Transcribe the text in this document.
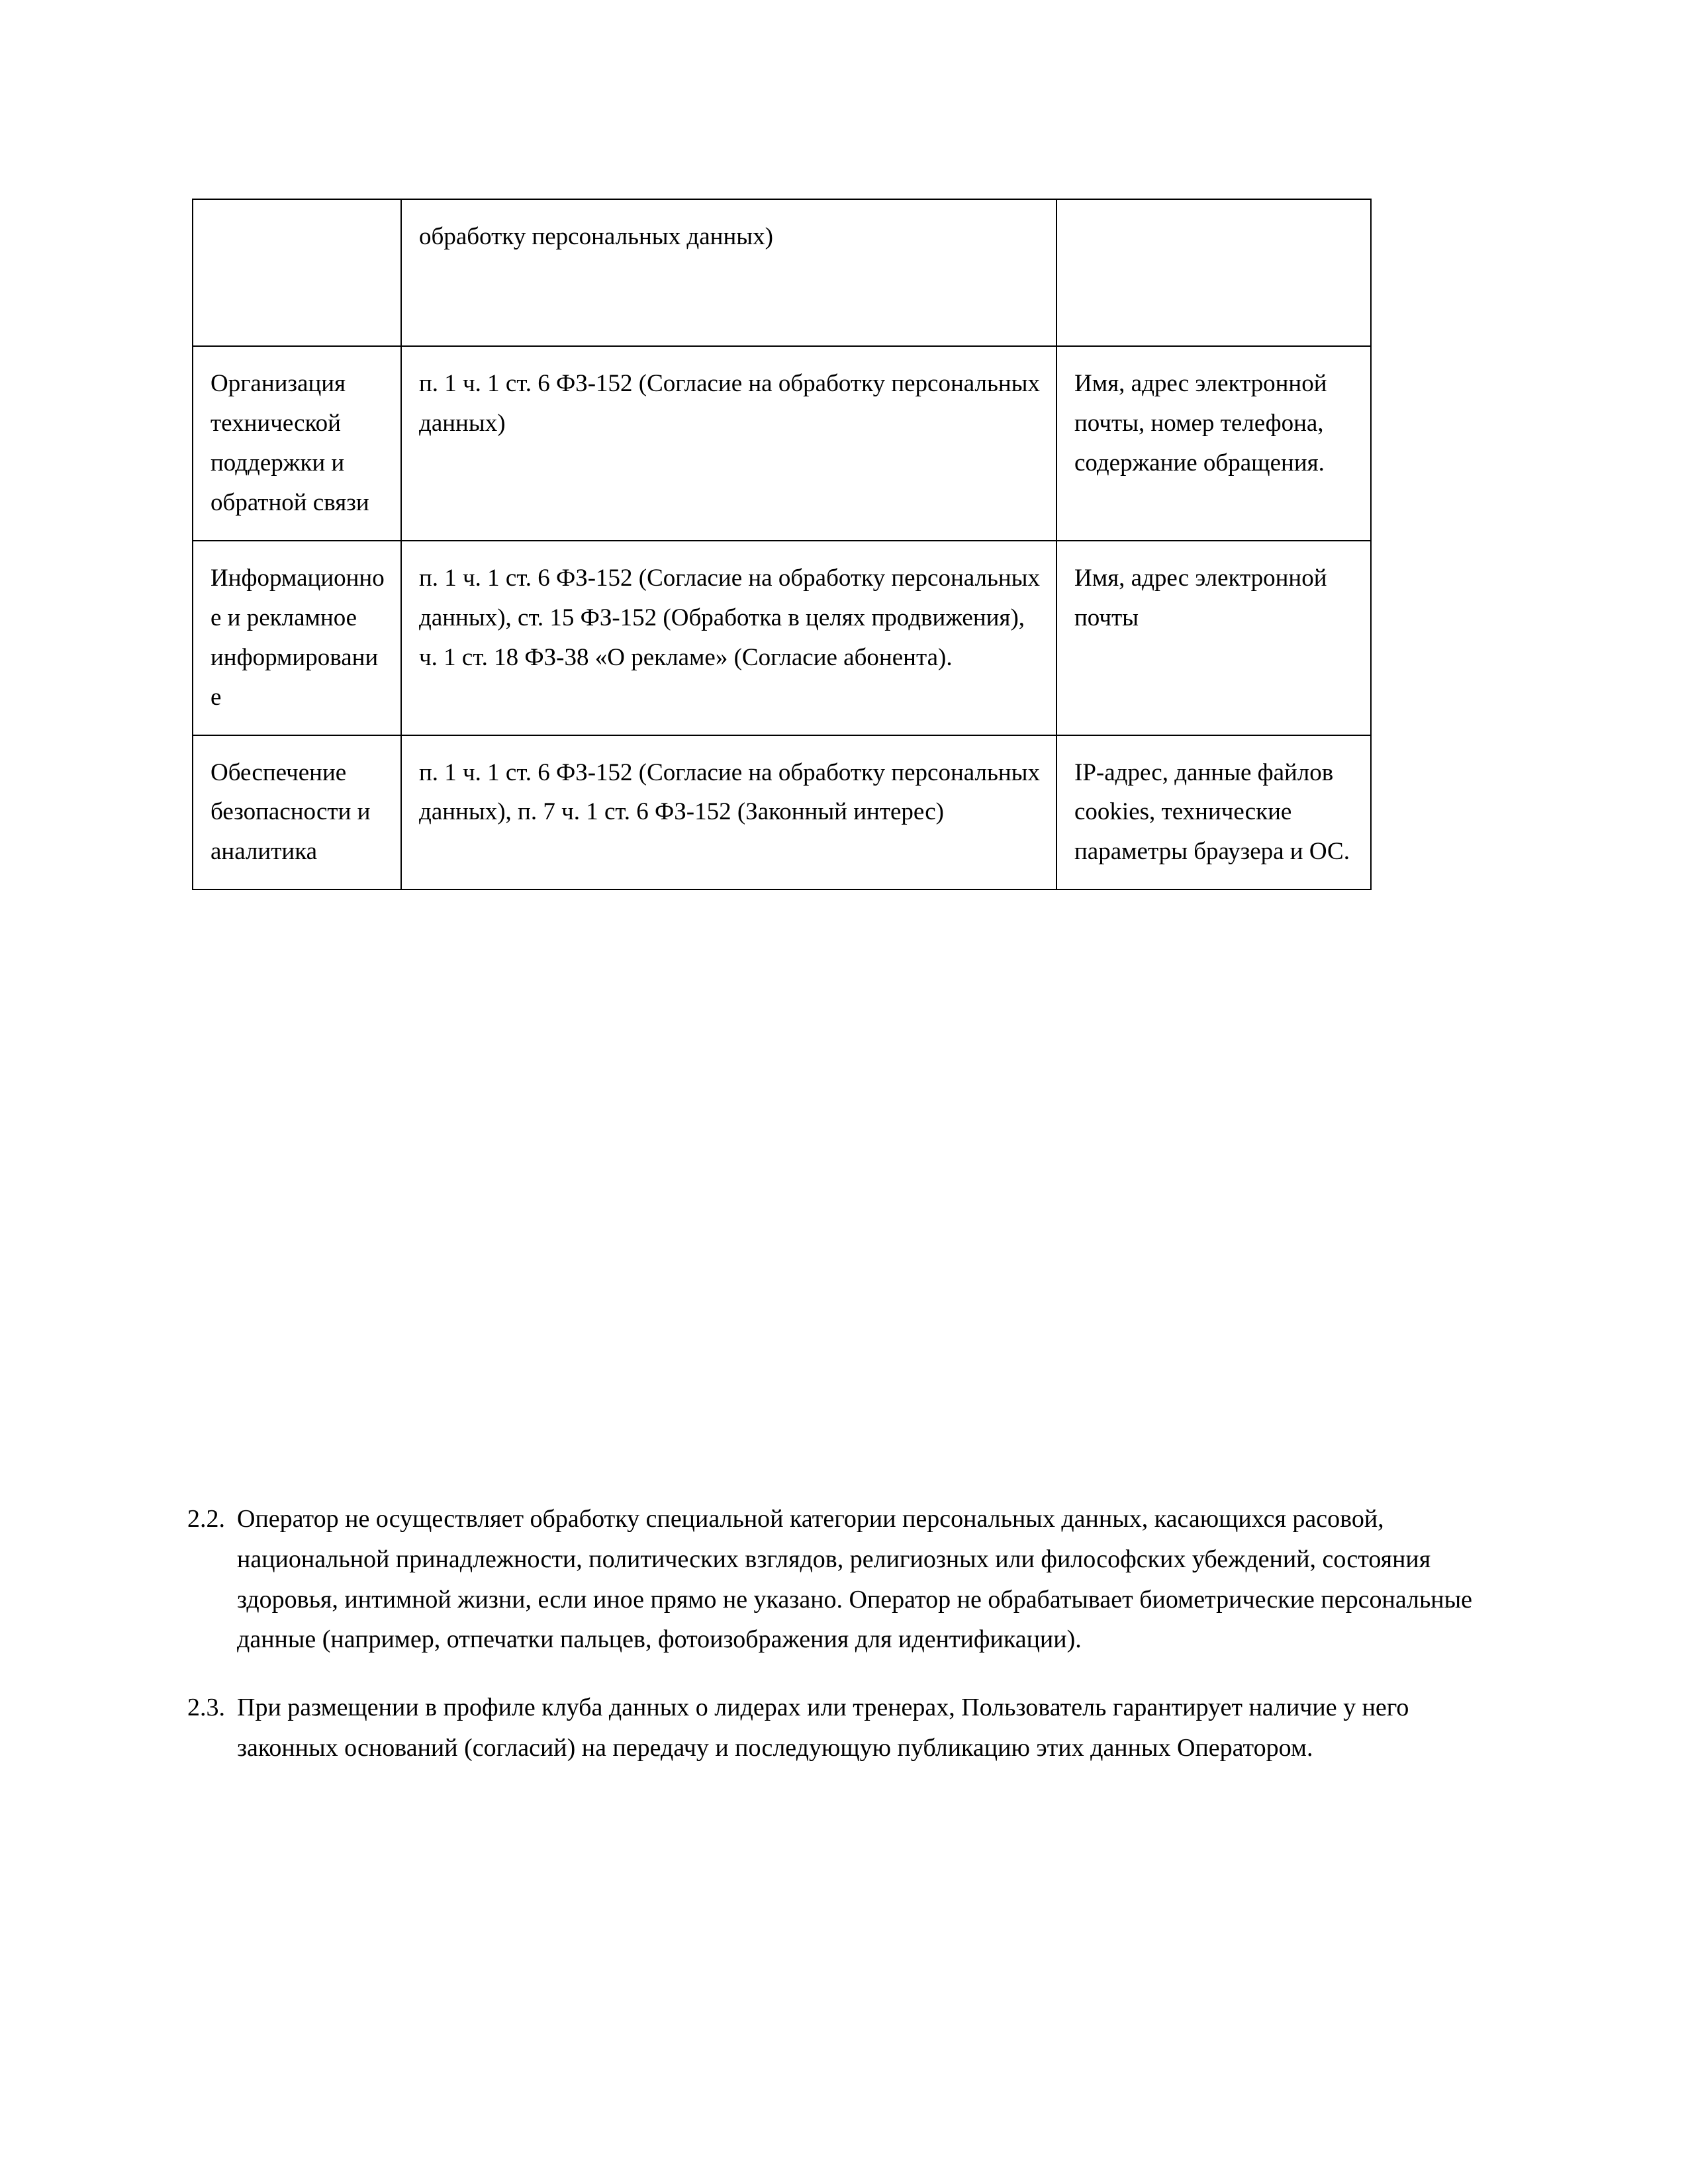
	обработку персональных данных)	

Организация технической поддержки и обратной связи	п. 1 ч. 1 ст. 6 ФЗ-152 (Согласие на обработку персональных данных)	Имя, адрес электронной почты, номер телефона, содержание обращения.

Информационное и рекламное информирование	п. 1 ч. 1 ст. 6 ФЗ-152 (Согласие на обработку персональных данных), ст. 15 ФЗ-152 (Обработка в целях продвижения), ч. 1 ст. 18 ФЗ-38 «О рекламе» (Согласие абонента).	Имя, адрес электронной почты

Обеспечение безопасности и аналитика	п. 1 ч. 1 ст. 6 ФЗ-152 (Согласие на обработку персональных данных), п. 7 ч. 1 ст. 6 ФЗ-152 (Законный интерес)	IP-адрес, данные файлов cookies, технические параметры браузера и ОС.

2.2. Оператор не осуществляет обработку специальной категории персональных данных, касающихся расовой, национальной принадлежности, политических взглядов, религиозных или философских убеждений, состояния здоровья, интимной жизни, если иное прямо не указано. Оператор не обрабатывает биометрические персональные данные (например, отпечатки пальцев, фотоизображения для идентификации).

2.3. При размещении в профиле клуба данных о лидерах или тренерах, Пользователь гарантирует наличие у него законных оснований (согласий) на передачу и последующую публикацию этих данных Оператором.
